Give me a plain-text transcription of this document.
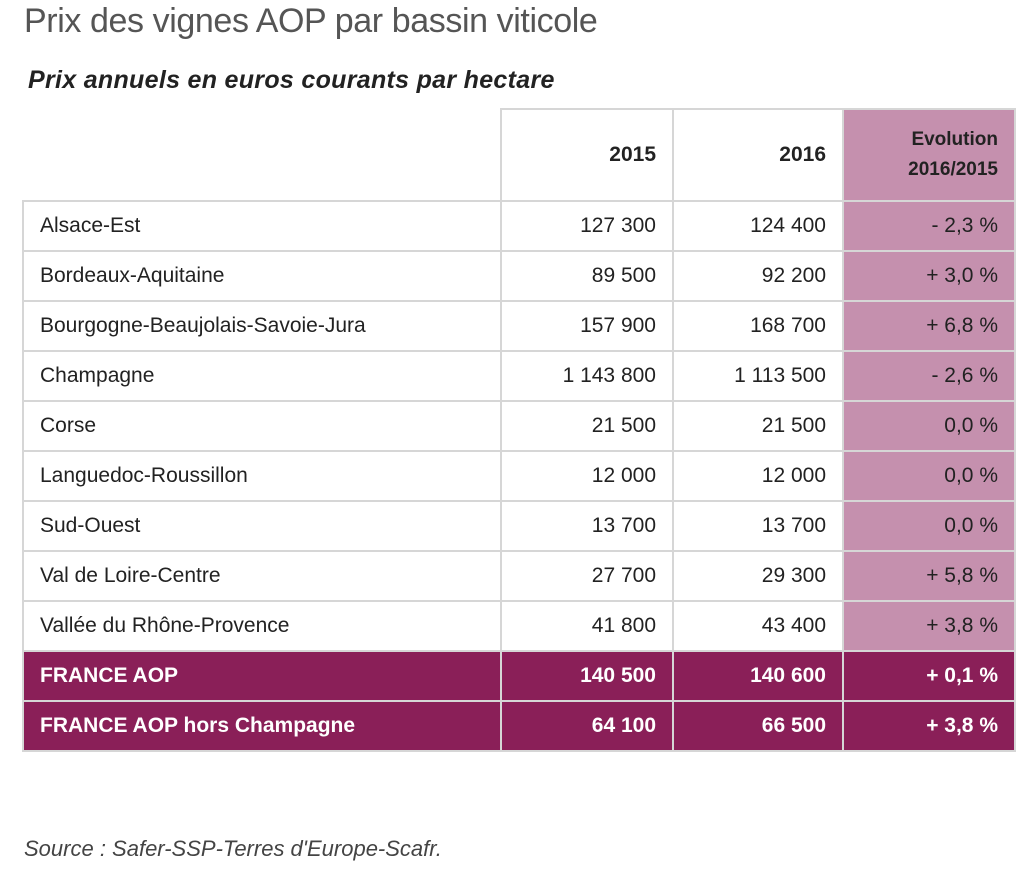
Prix des vignes AOP par bassin viticole
Prix annuels en euros courants par hectare
	2015	2016	Evolution
2016/2015

Alsace-Est	127 300	124 400	- 2,3 %
Bordeaux-Aquitaine	89 500	92 200	+ 3,0 %
Bourgogne-Beaujolais-Savoie-Jura	157 900	168 700	+ 6,8 %
Champagne	1 143 800	1 113 500	- 2,6 %
Corse	21 500	21 500	0,0 %
Languedoc-Roussillon	12 000	12 000	0,0 %
Sud-Ouest	13 700	13 700	0,0 %
Val de Loire-Centre	27 700	29 300	+ 5,8 %
Vallée du Rhône-Provence	41 800	43 400	+ 3,8 %
FRANCE AOP	140 500	140 600	+ 0,1 %
FRANCE AOP hors Champagne	64 100	66 500	+ 3,8 %
Source : Safer-SSP-Terres d'Europe-Scafr.
